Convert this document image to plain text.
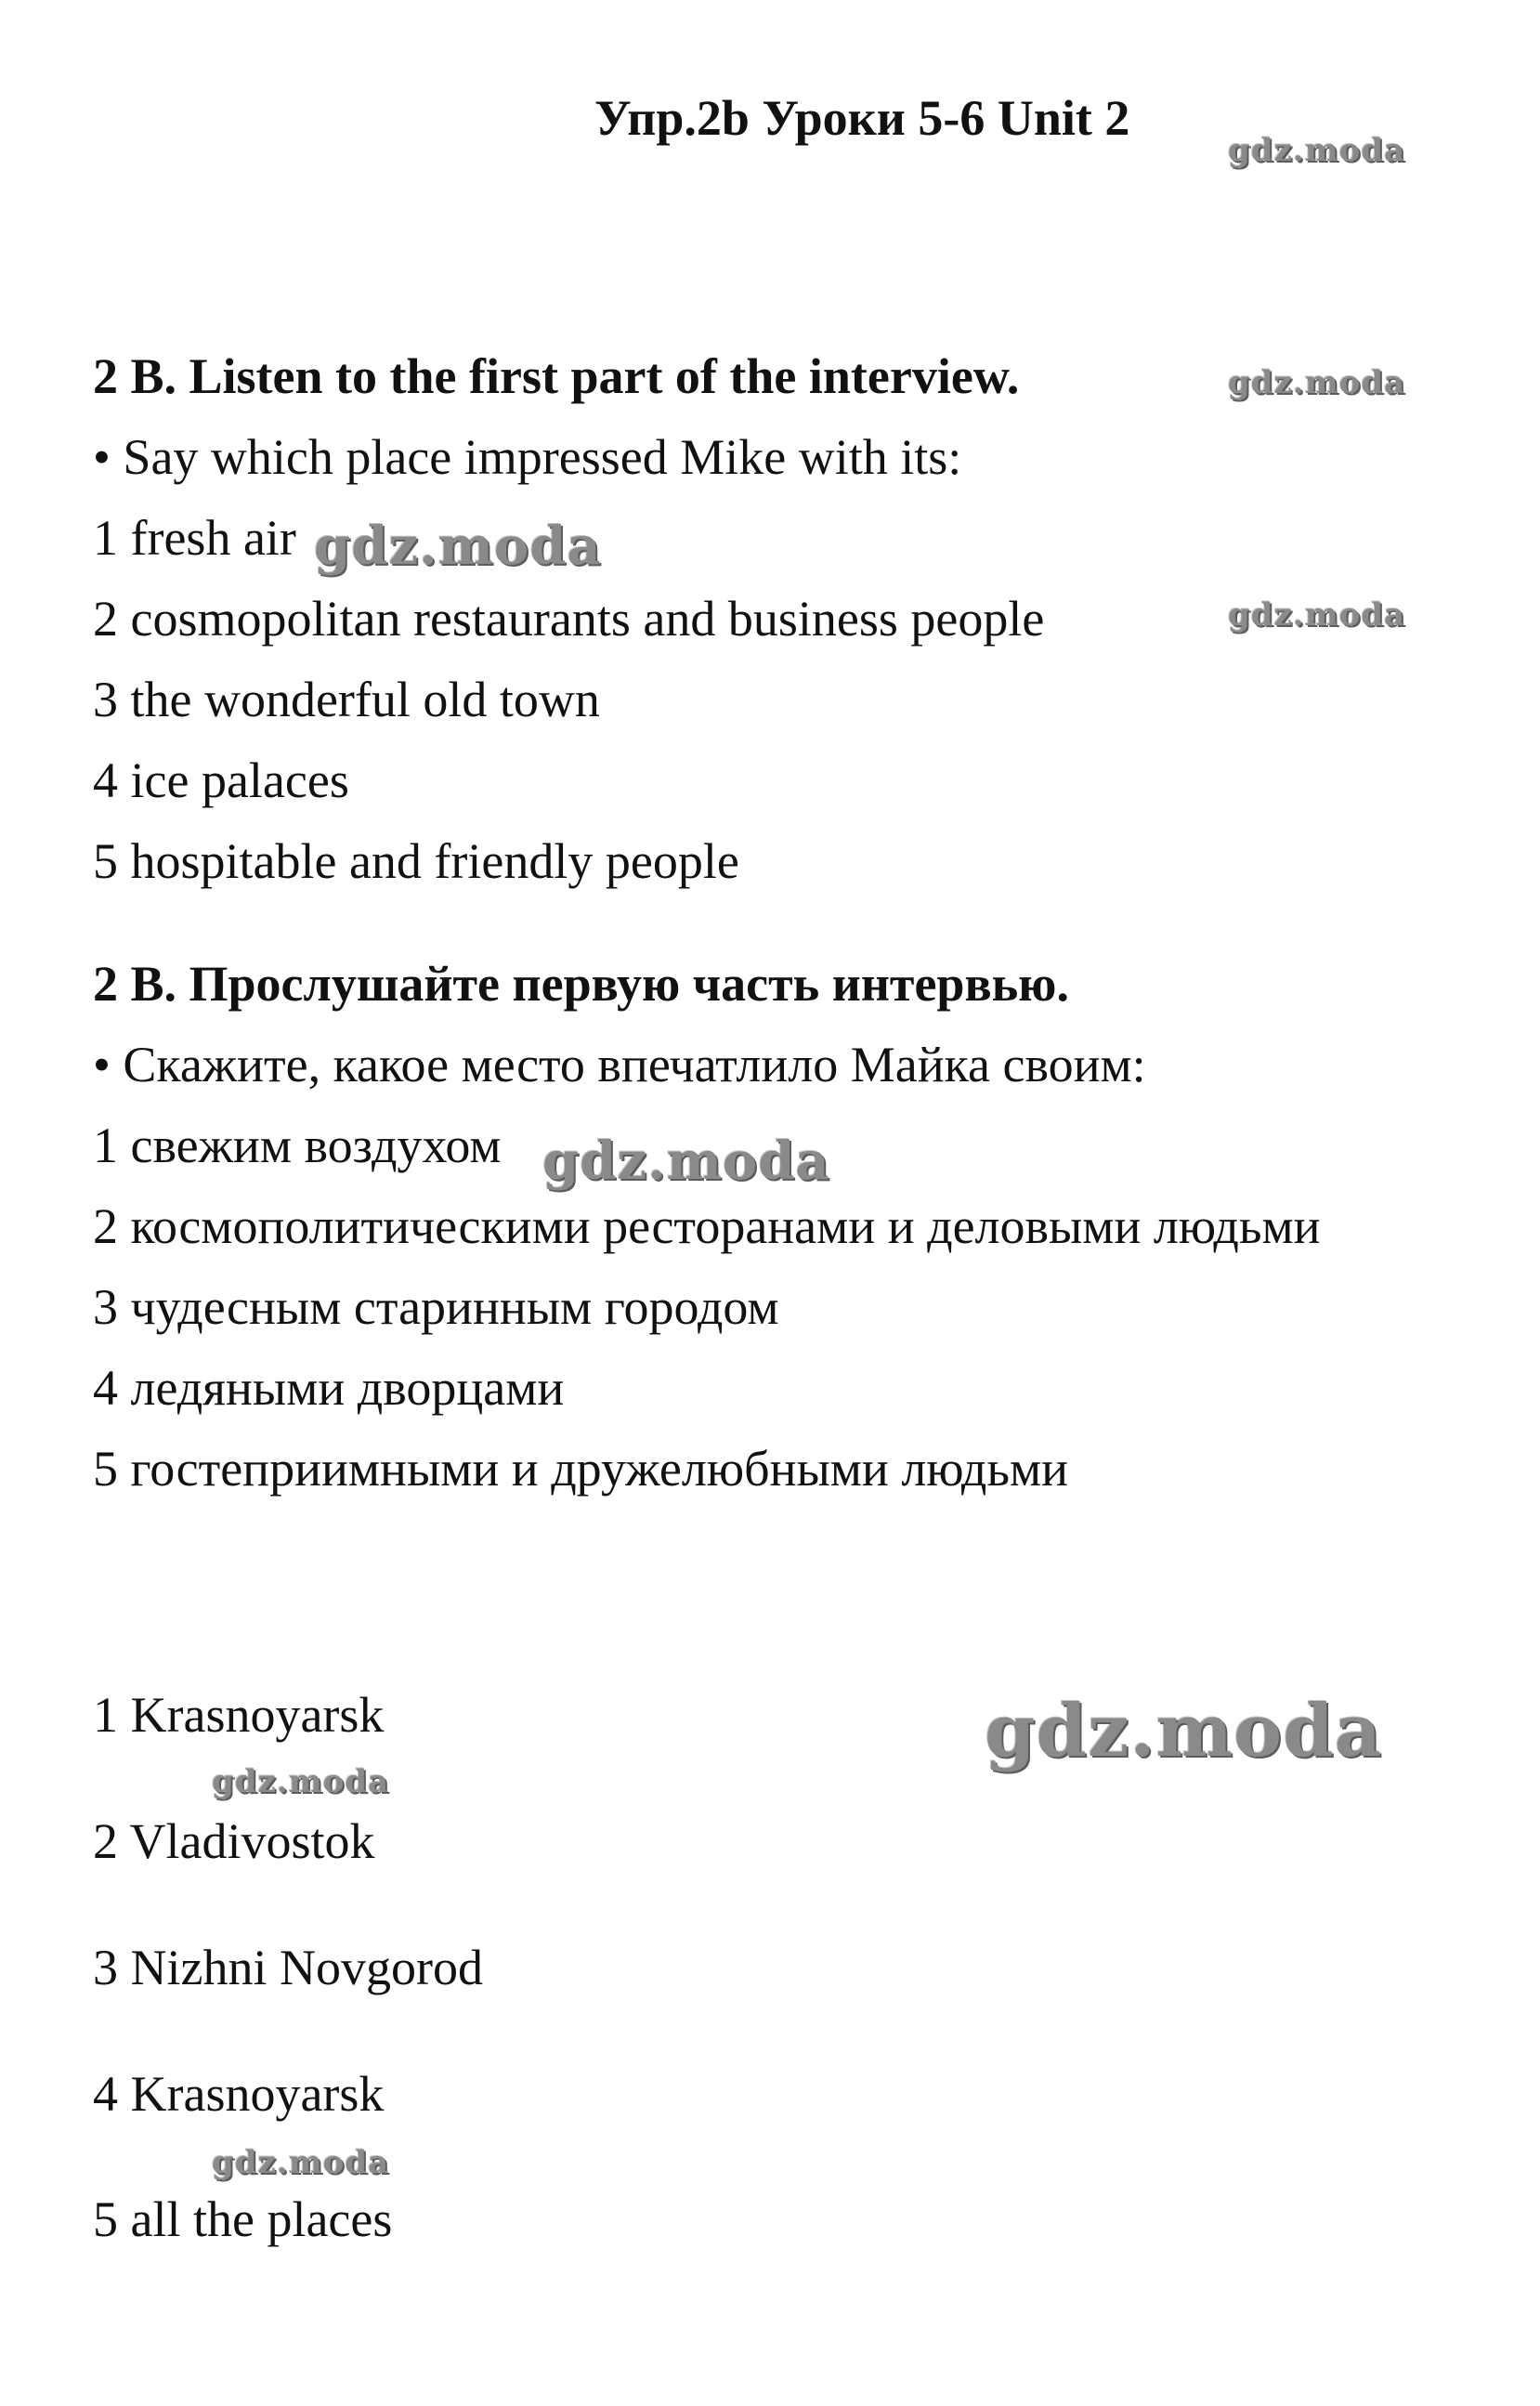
Упр.2b Уроки 5-6 Unit 2

2 B. Listen to the first part of the interview.

• Say which place impressed Mike with its:

1 fresh air

2 cosmopolitan restaurants and business people

3 the wonderful old town

4 ice palaces

5 hospitable and friendly people

2 B. Прослушайте первую часть интервью.

• Скажите, какое место впечатлило Майка своим:

1 свежим воздухом

2 космополитическими ресторанами и деловыми людьми

3 чудесным старинным городом

4 ледяными дворцами

5 гостеприимными и дружелюбными людьми

1 Krasnoyarsk

2 Vladivostok

3 Nizhni Novgorod

4 Krasnoyarsk

5 all the places

gdz.moda
gdz.moda
gdz.moda
gdz.moda
gdz.moda
gdz.moda
gdz.moda
gdz.moda
